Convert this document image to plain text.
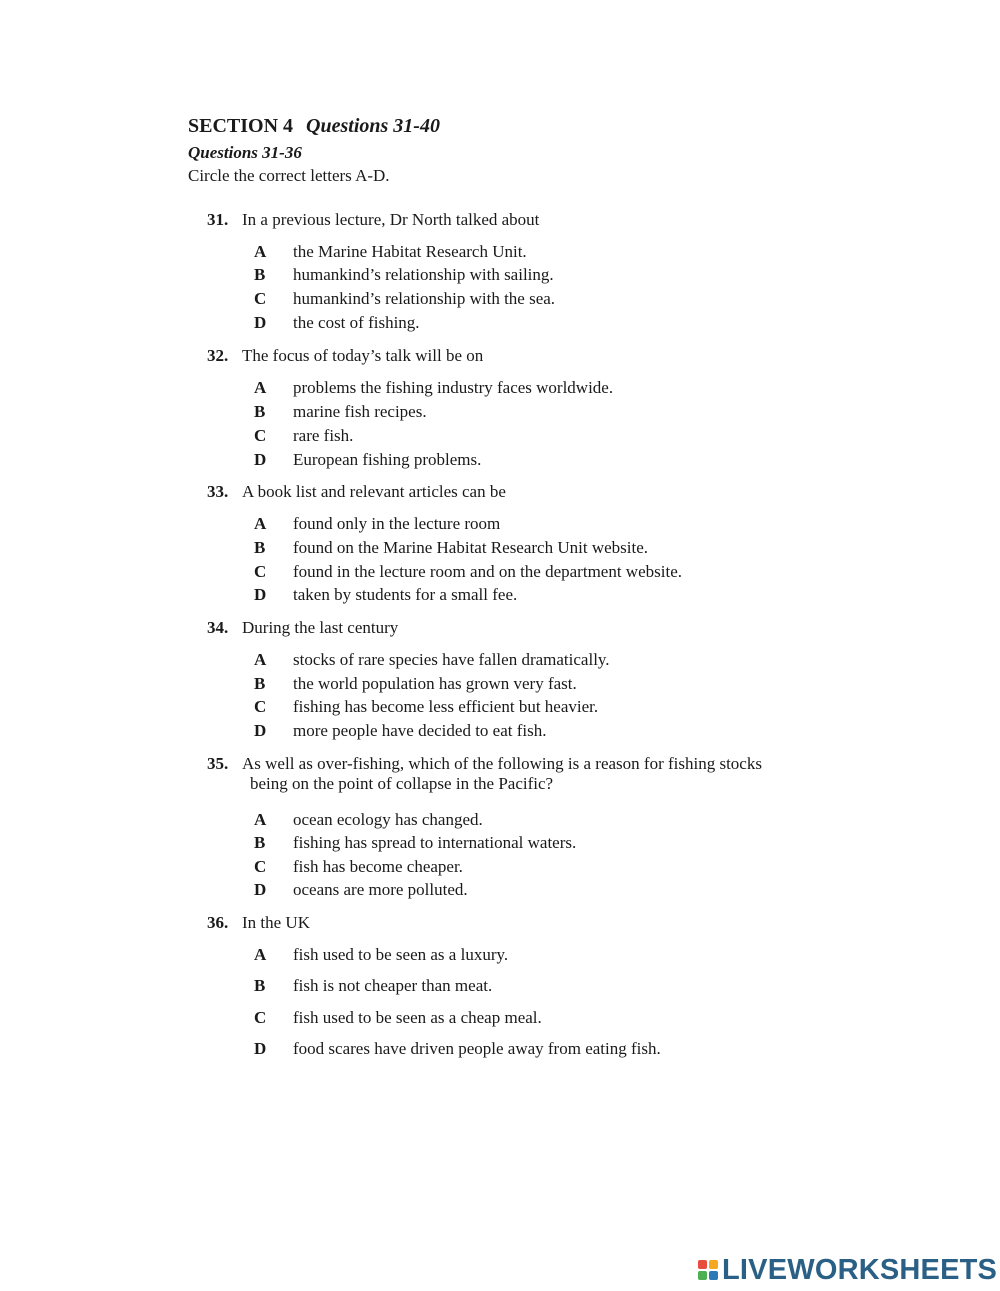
SECTION 4 Questions 31-40
Questions 31-36
Circle the correct letters A-D.
31. In a previous lecture, Dr North talked about
A the Marine Habitat Research Unit.
B humankind’s relationship with sailing.
C humankind’s relationship with the sea.
D the cost of fishing.
32. The focus of today’s talk will be on
A problems the fishing industry faces worldwide.
B marine fish recipes.
C rare fish.
D European fishing problems.
33. A book list and relevant articles can be
A found only in the lecture room
B found on the Marine Habitat Research Unit website.
C found in the lecture room and on the department website.
D taken by students for a small fee.
34. During the last century
A stocks of rare species have fallen dramatically.
B the world population has grown very fast.
C fishing has become less efficient but heavier.
D more people have decided to eat fish.
35. As well as over-fishing, which of the following is a reason for fishing stocks
being on the point of collapse in the Pacific?
A ocean ecology has changed.
B fishing has spread to international waters.
C fish has become cheaper.
D oceans are more polluted.
36. In the UK
A fish used to be seen as a luxury.
B fish is not cheaper than meat.
C fish used to be seen as a cheap meal.
D food scares have driven people away from eating fish.
LIVEWORKSHEETS
